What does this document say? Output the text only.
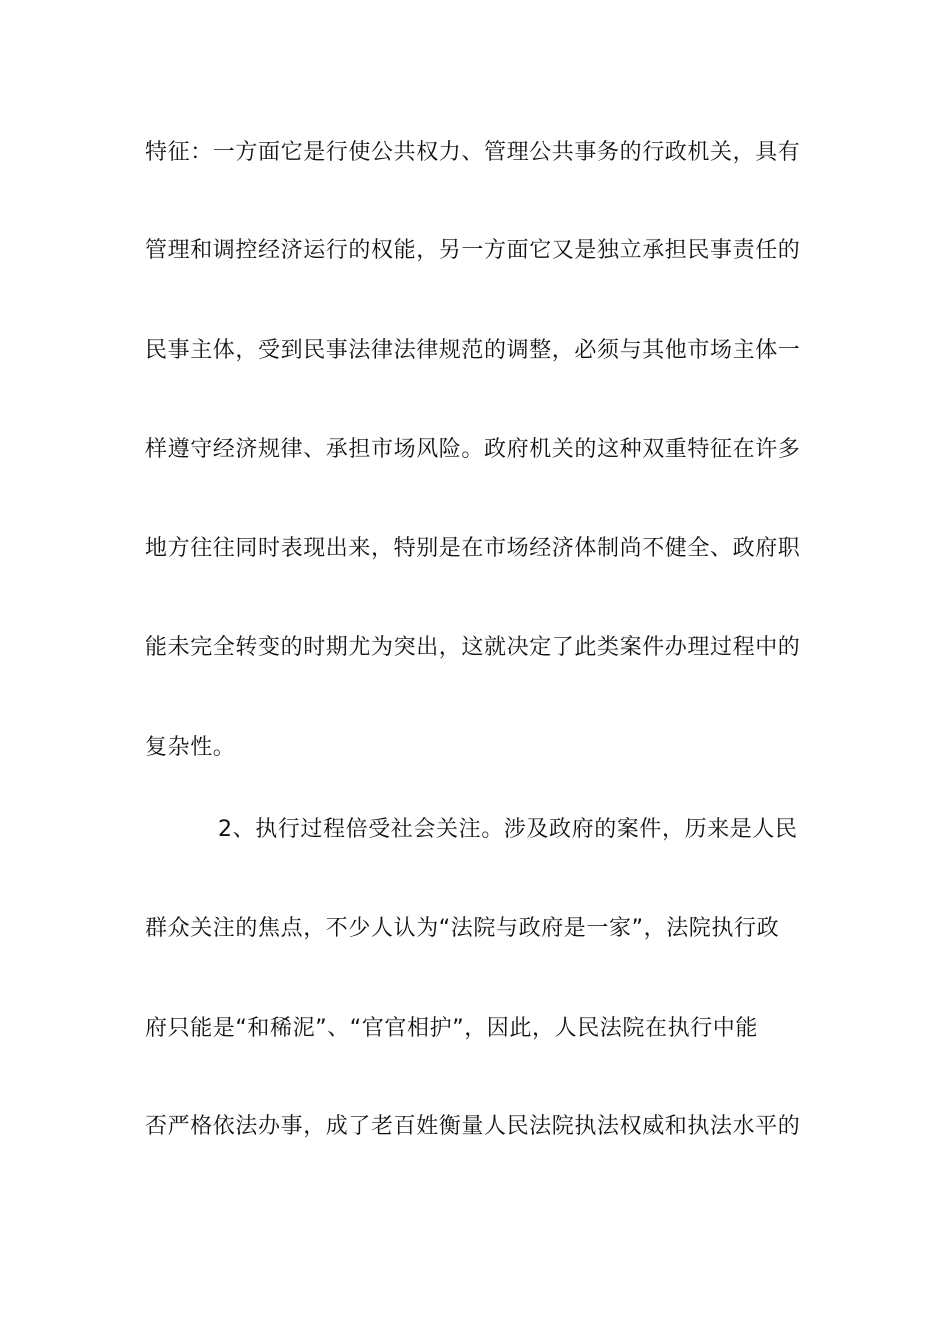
特征：一方面它是行使公共权力、管理公共事务的行政机关，具有
管理和调控经济运行的权能，另一方面它又是独立承担民事责任的
民事主体，受到民事法律法律规范的调整，必须与其他市场主体一
样遵守经济规律、承担市场风险。政府机关的这种双重特征在许多
地方往往同时表现出来，特别是在市场经济体制尚不健全、政府职
能未完全转变的时期尤为突出，这就决定了此类案件办理过程中的
复杂性。
2、执行过程倍受社会关注。涉及政府的案件，历来是人民
群众关注的焦点，不少人认为“法院与政府是一家”，法院执行政
府只能是“和稀泥”、“官官相护”，因此，人民法院在执行中能
否严格依法办事，成了老百姓衡量人民法院执法权威和执法水平的
